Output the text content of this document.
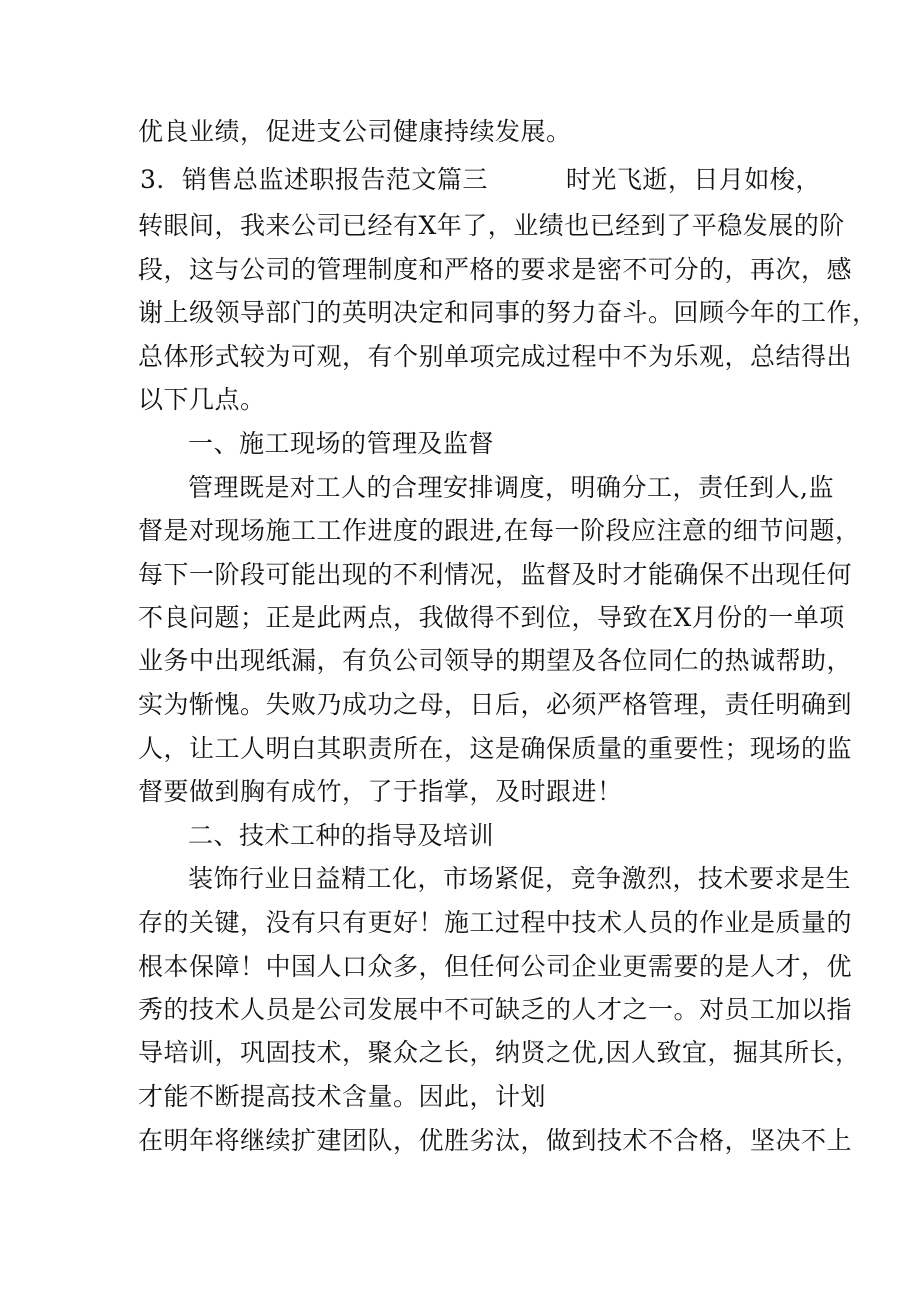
优良业绩，促进支公司健康持续发展。
3．销售总监述职报告范文篇三	时光飞逝，日月如梭，
转眼间，我来公司已经有X年了，业绩也已经到了平稳发展的阶
段，这与公司的管理制度和严格的要求是密不可分的，再次，感
谢上级领导部门的英明决定和同事的努力奋斗。回顾今年的工作，
总体形式较为可观，有个别单项完成过程中不为乐观，总结得出
以下几点。
一、施工现场的管理及监督
管理既是对工人的合理安排调度，明确分工，责任到人,监
督是对现场施工工作进度的跟进,在每一阶段应注意的细节问题，
每下一阶段可能出现的不利情况，监督及时才能确保不出现任何
不良问题；正是此两点，我做得不到位，导致在X月份的一单项
业务中出现纸漏，有负公司领导的期望及各位同仁的热诚帮助，
实为惭愧。失败乃成功之母，日后，必须严格管理，责任明确到
人，让工人明白其职责所在，这是确保质量的重要性；现场的监
督要做到胸有成竹，了于指掌，及时跟进！
二、技术工种的指导及培训
装饰行业日益精工化，市场紧促，竞争激烈，技术要求是生
存的关键，没有只有更好！施工过程中技术人员的作业是质量的
根本保障！中国人口众多，但任何公司企业更需要的是人才，优
秀的技术人员是公司发展中不可缺乏的人才之一。对员工加以指
导培训，巩固技术，聚众之长，纳贤之优,因人致宜，掘其所长，
才能不断提高技术含量。因此，计划
在明年将继续扩建团队，优胜劣汰，做到技术不合格，坚决不上
